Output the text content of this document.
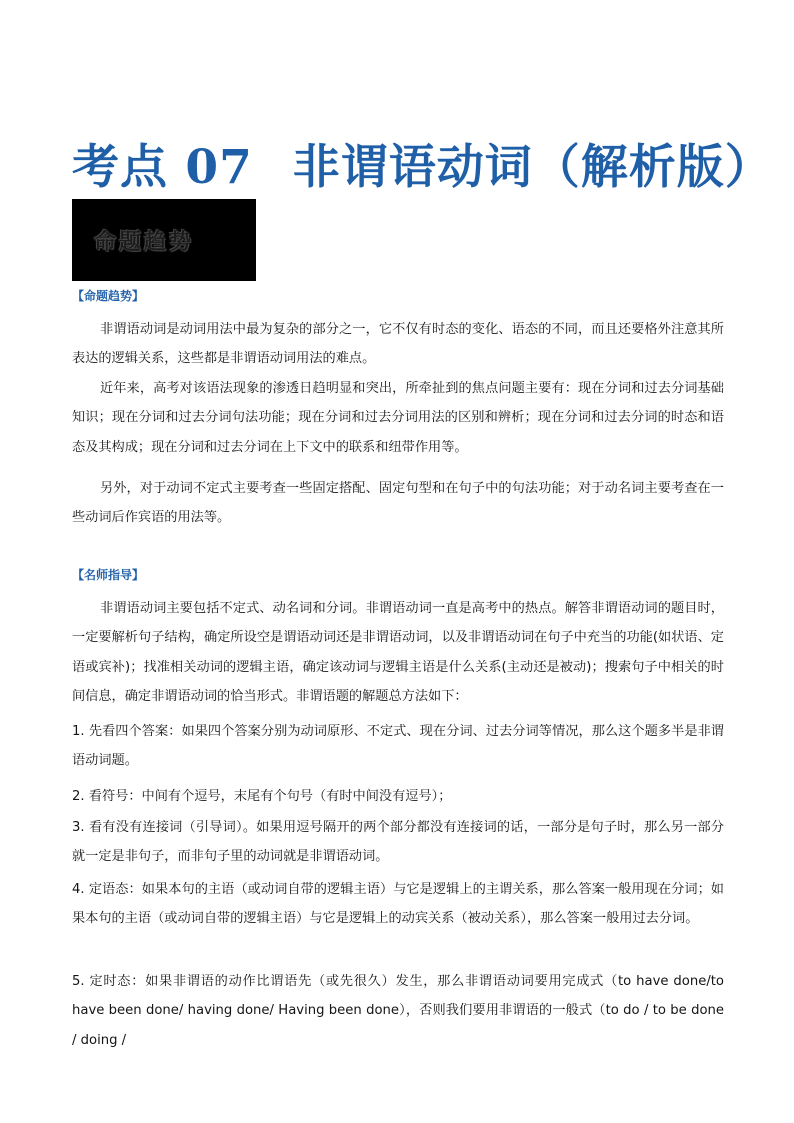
考点 07 非谓语动词（解析版）
命题趋势
【命题趋势】

非谓语动词是动词用法中最为复杂的部分之一，它不仅有时态的变化、语态的不同，而且还要格外注意其所表达的逻辑关系，这些都是非谓语动词用法的难点。

近年来，高考对该语法现象的渗透日趋明显和突出，所牵扯到的焦点问题主要有：现在分词和过去分词基础知识；现在分词和过去分词句法功能；现在分词和过去分词用法的区别和辨析；现在分词和过去分词的时态和语态及其构成；现在分词和过去分词在上下文中的联系和纽带作用等。

另外，对于动词不定式主要考查一些固定搭配、固定句型和在句子中的句法功能；对于动名词主要考查在一些动词后作宾语的用法等。

【名师指导】

非谓语动词主要包括不定式、动名词和分词。非谓语动词一直是高考中的热点。解答非谓语动词的题目时，一定要解析句子结构，确定所设空是谓语动词还是非谓语动词，以及非谓语动词在句子中充当的功能(如状语、定语或宾补)；找准相关动词的逻辑主语，确定该动词与逻辑主语是什么关系(主动还是被动)；搜索句子中相关的时间信息，确定非谓语动词的恰当形式。非谓语题的解题总方法如下：

1. 先看四个答案：如果四个答案分别为动词原形、不定式、现在分词、过去分词等情况，那么这个题多半是非谓语动词题。

2. 看符号：中间有个逗号，末尾有个句号（有时中间没有逗号）；

3. 看有没有连接词（引导词）。如果用逗号隔开的两个部分都没有连接词的话，一部分是句子时，那么另一部分就一定是非句子，而非句子里的动词就是非谓语动词。

4. 定语态：如果本句的主语（或动词自带的逻辑主语）与它是逻辑上的主谓关系，那么答案一般用现在分词；如果本句的主语（或动词自带的逻辑主语）与它是逻辑上的动宾关系（被动关系），那么答案一般用过去分词。

5. 定时态：如果非谓语的动作比谓语先（或先很久）发生，那么非谓语动词要用完成式（to have done/to have been done/ having done/ Having been done），否则我们要用非谓语的一般式（to do / to be done / doing /
